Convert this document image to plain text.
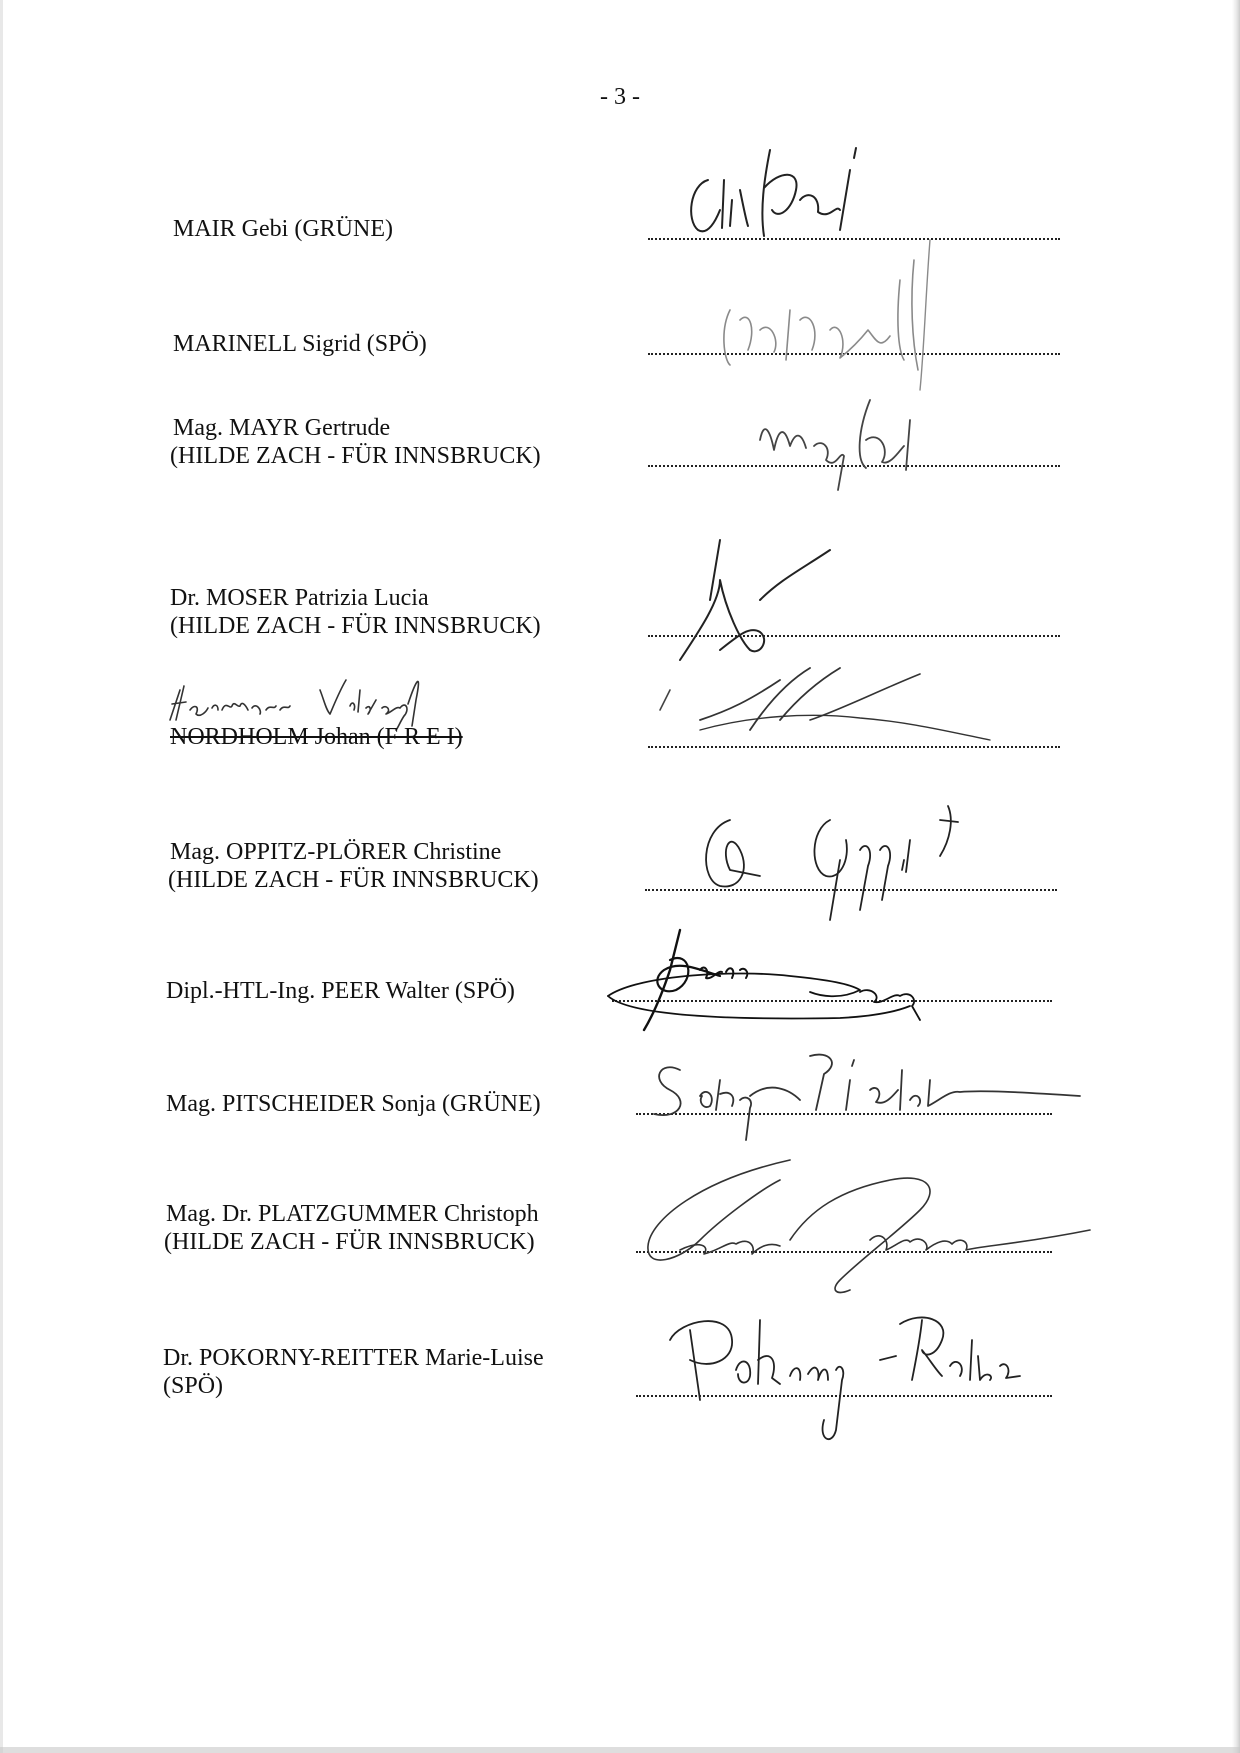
- 3 -
MAIR Gebi (GRÜNE)
MARINELL Sigrid (SPÖ)
Mag. MAYR Gertrude
(HILDE ZACH - FÜR INNSBRUCK)
Dr. MOSER Patrizia Lucia
(HILDE ZACH - FÜR INNSBRUCK)
NORDHOLM Johan (F R E I)
Mag. OPPITZ-PLÖRER Christine
(HILDE ZACH - FÜR INNSBRUCK)
Dipl.-HTL-Ing. PEER Walter (SPÖ)
Mag. PITSCHEIDER Sonja (GRÜNE)
Mag. Dr. PLATZGUMMER Christoph
(HILDE ZACH - FÜR INNSBRUCK)
Dr. POKORNY-REITTER Marie-Luise
(SPÖ)
